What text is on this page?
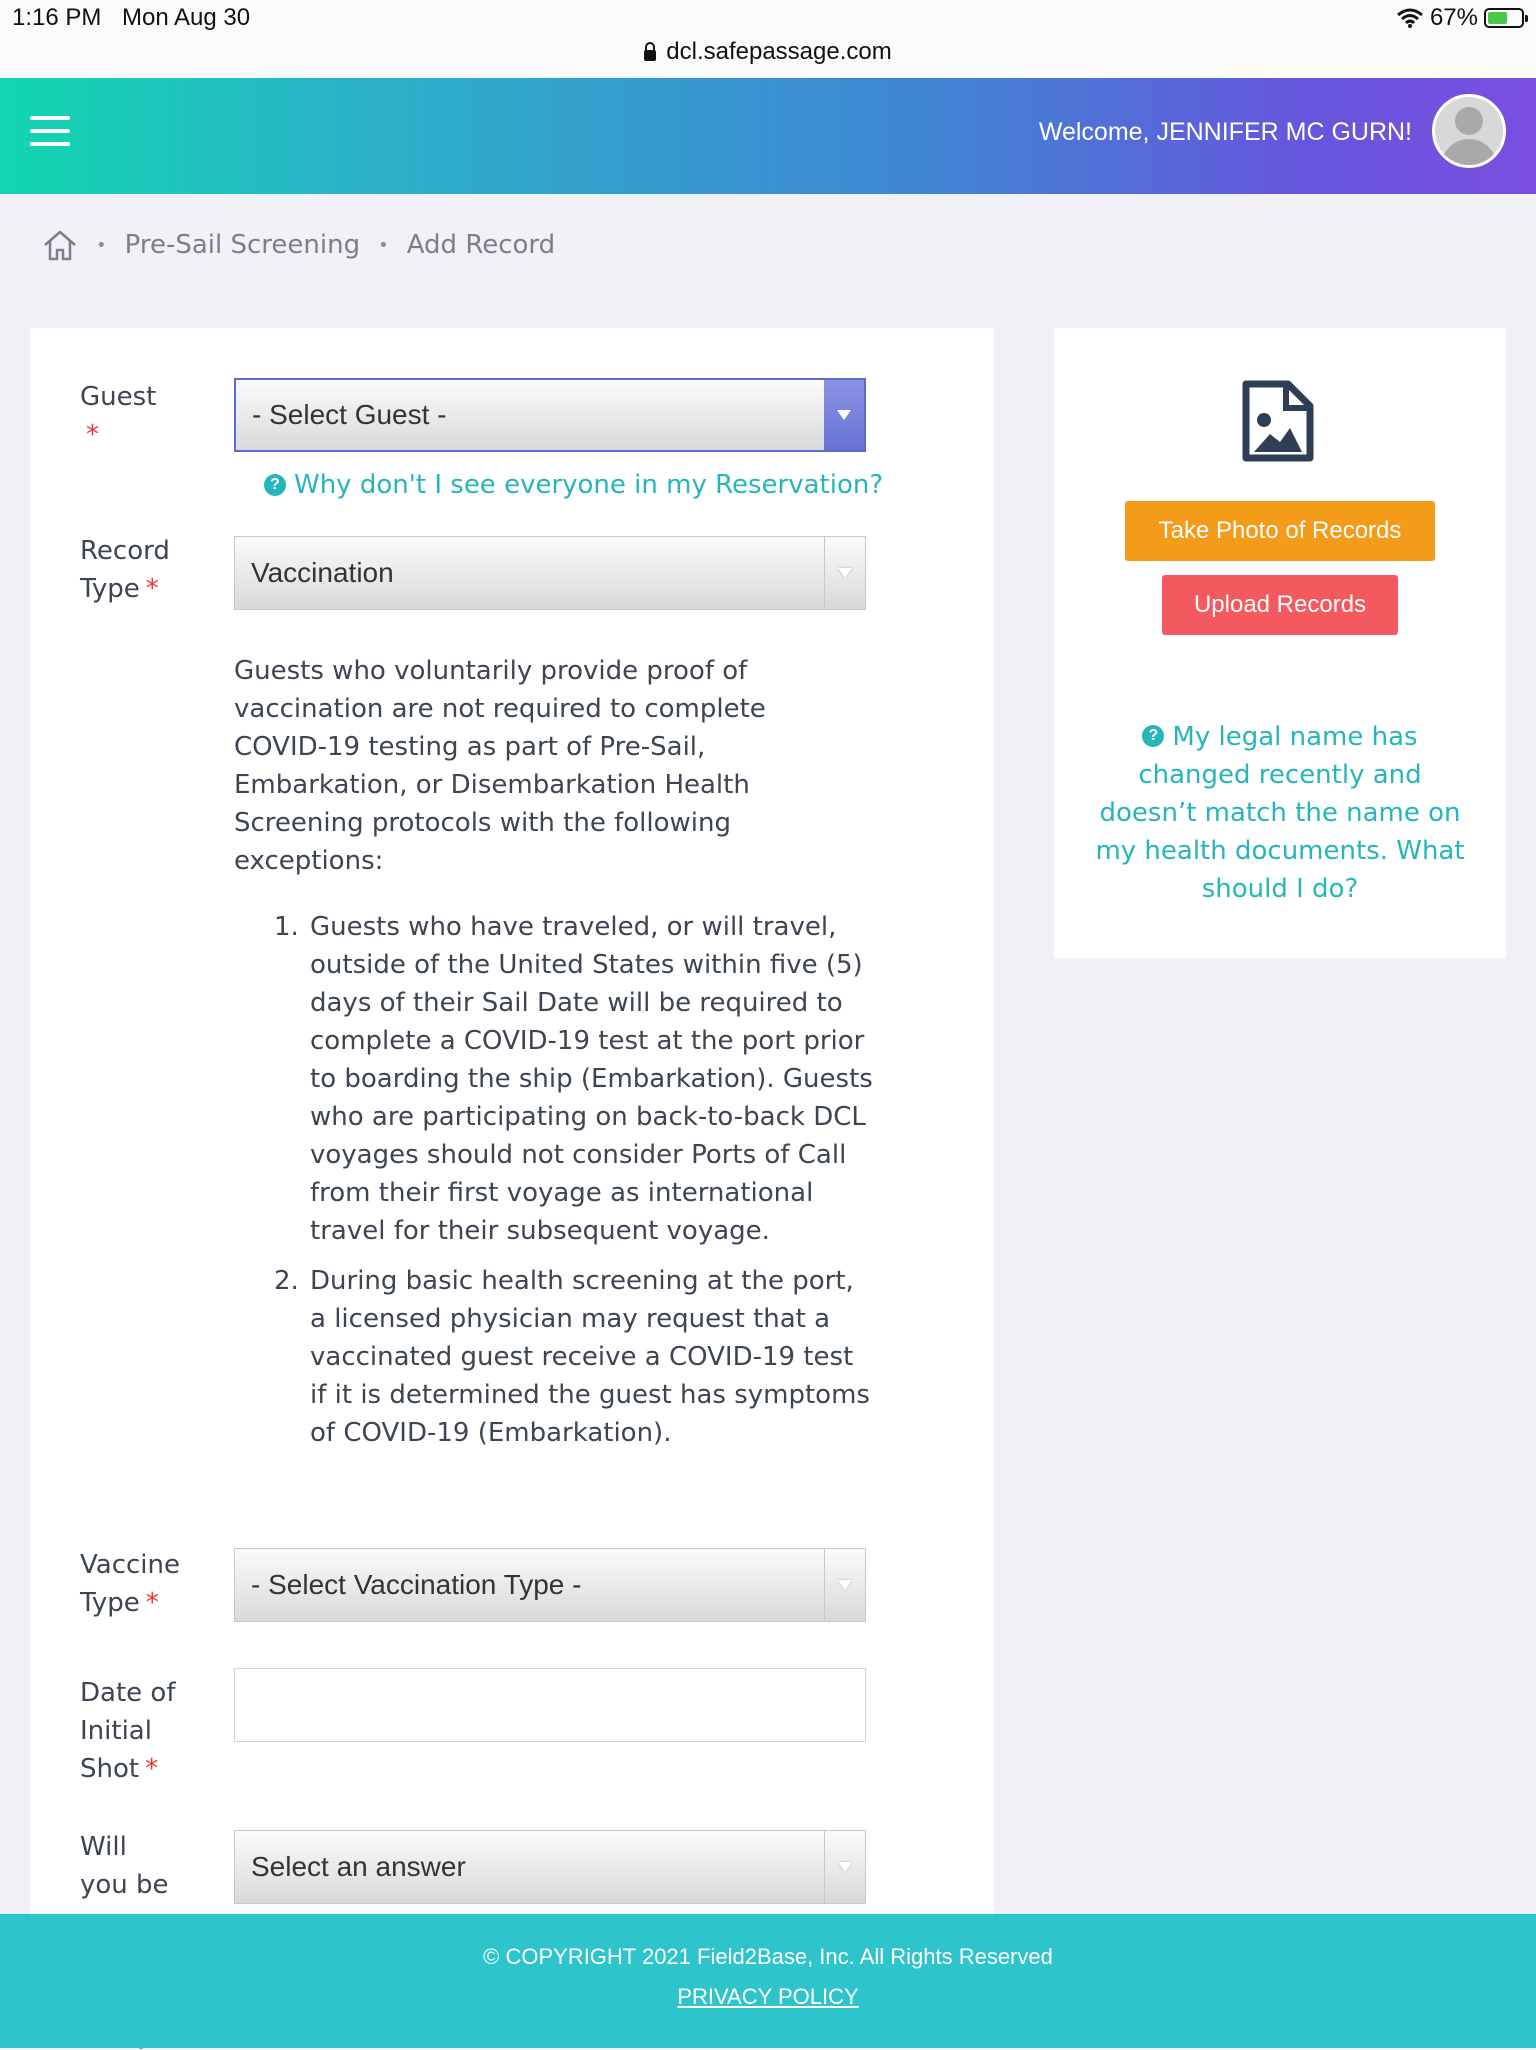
1:16 PM Mon Aug 30
dcl.safepassage.com
67%
Welcome, JENNIFER MC GURN!
• Pre-Sail Screening • Add Record
Guest
*
- Select Guest -
? Why don't I see everyone in my Reservation?
Record
Type *
Vaccination
Guests who voluntarily provide proof of vaccination are not required to complete COVID-19 testing as part of Pre-Sail, Embarkation, or Disembarkation Health Screening protocols with the following exceptions:
1. Guests who have traveled, or will travel, outside of the United States within five (5) days of their Sail Date will be required to complete a COVID-19 test at the port prior to boarding the ship (Embarkation). Guests who are participating on back-to-back DCL voyages should not consider Ports of Call from their first voyage as international travel for their subsequent voyage.
2. During basic health screening at the port, a licensed physician may request that a vaccinated guest receive a COVID-19 test if it is determined the guest has symptoms of COVID-19 (Embarkation).
Vaccine
Type *
- Select Vaccination Type -
Date of
Initial
Shot *
Will
you be
Select an answer
Take Photo of Records
Upload Records
? My legal name has changed recently and doesn’t match the name on my health documents. What should I do?
© COPYRIGHT 2021 Field2Base, Inc. All Rights Reserved
PRIVACY POLICY
